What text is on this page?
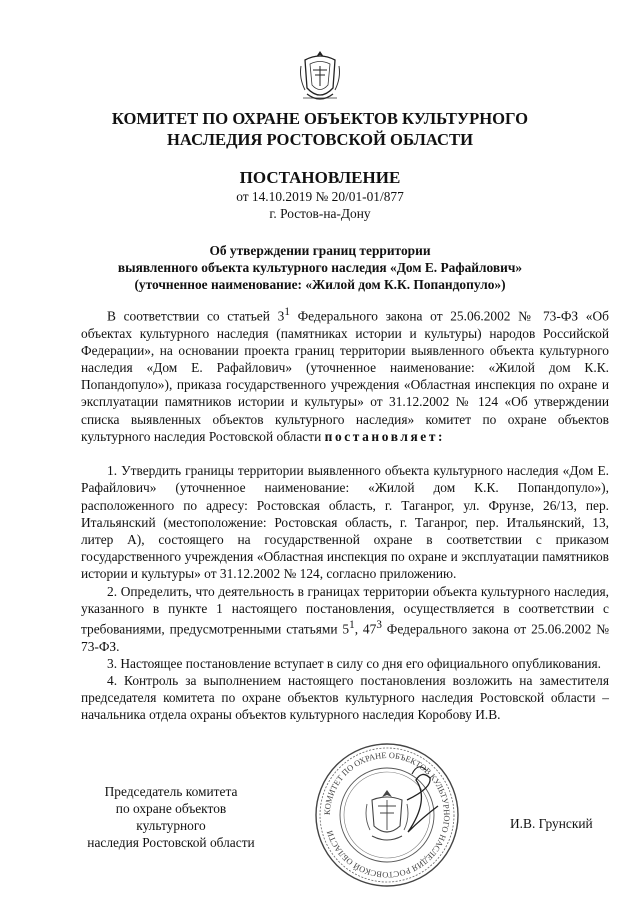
КОМИТЕТ ПО ОХРАНЕ ОБЪЕКТОВ КУЛЬТУРНОГО
НАСЛЕДИЯ РОСТОВСКОЙ ОБЛАСТИ
ПОСТАНОВЛЕНИЕ
от 14.10.2019 № 20/01-01/877
г. Ростов-на-Дону
Об утверждении границ территории
выявленного объекта культурного наследия «Дом Е. Рафайлович»
(уточненное наименование: «Жилой дом К.К. Попандопуло»)

В соответствии со статьей $3^1$ Федерального закона от 25.06.2002 № 73-ФЗ «Об объектах культурного наследия (памятниках истории и культуры) народов Российской Федерации», на основании проекта границ территории выявленного объекта культурного наследия «Дом Е. Рафайлович» (уточненное наименование: «Жилой дом К.К. Попандопуло»), приказа государственного учреждения «Областная инспекция по охране и эксплуатации памятников истории и культуры» от 31.12.2002 № 124 «Об утверждении списка выявленных объектов культурного наследия» комитет по охране объектов культурного наследия Ростовской области постановляет:

1. Утвердить границы территории выявленного объекта культурного наследия «Дом Е. Рафайлович» (уточненное наименование: «Жилой дом К.К. Попандопуло»), расположенного по адресу: Ростовская область, г. Таганрог, ул. Фрунзе, 26/13, пер. Итальянский (местоположение: Ростовская область, г. Таганрог, пер. Итальянский, 13, литер А), состоящего на государственной охране в соответствии с приказом государственного учреждения «Областная инспекция по охране и эксплуатации памятников истории и культуры» от 31.12.2002 № 124, согласно приложению.

2. Определить, что деятельность в границах территории объекта культурного наследия, указанного в пункте 1 настоящего постановления, осуществляется в соответствии с требованиями, предусмотренными статьями $5^1$, $47^3$ Федерального закона от 25.06.2002 № 73-ФЗ.

3. Настоящее постановление вступает в силу со дня его официального опубликования.

4. Контроль за выполнением настоящего постановления возложить на заместителя председателя комитета по охране объектов культурного наследия Ростовской области – начальника отдела охраны объектов культурного наследия Коробову И.В.

Председатель комитета
по охране объектов культурного
наследия Ростовской области
КОМИТЕТ ПО ОХРАНЕ ОБЪЕКТОВ КУЛЬТУРНОГО НАСЛЕДИЯ РОСТОВСКОЙ ОБЛАСТИ
И.В. Грунский
